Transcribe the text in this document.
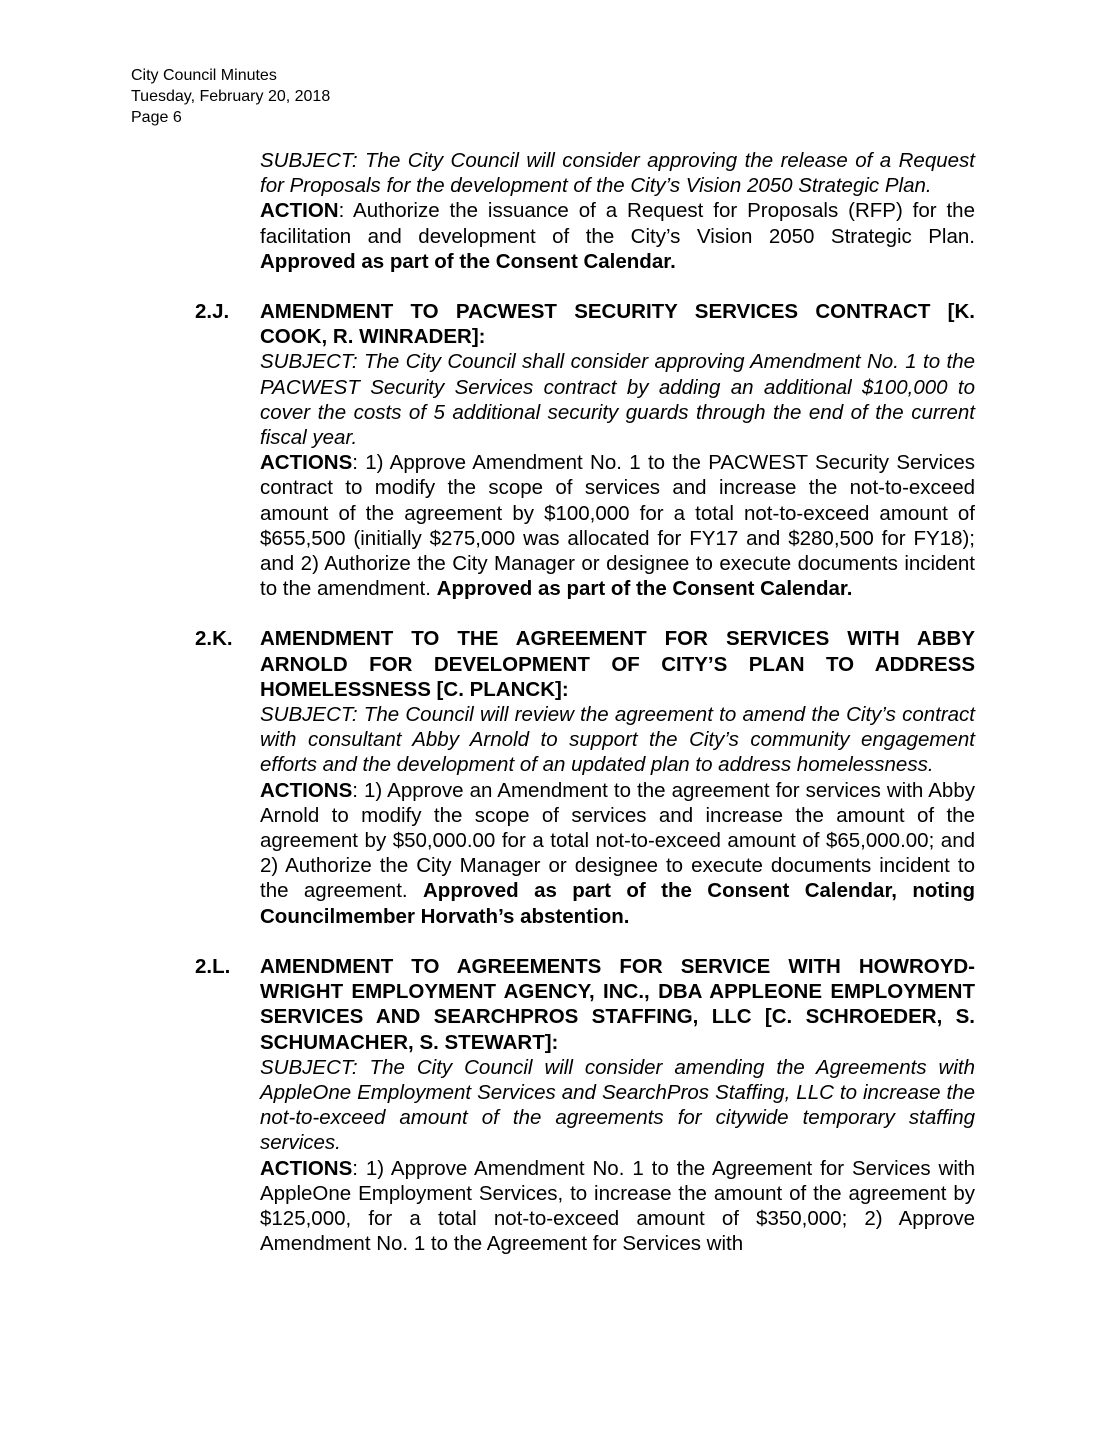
City Council Minutes
Tuesday, February 20, 2018
Page 6

SUBJECT: The City Council will consider approving the release of a Request for Proposals for the development of the City’s Vision 2050 Strategic Plan.

ACTION: Authorize the issuance of a Request for Proposals (RFP) for the facilitation and development of the City’s Vision 2050 Strategic Plan. Approved as part of the Consent Calendar.

2.J. AMENDMENT TO PACWEST SECURITY SERVICES CONTRACT [K. COOK, R. WINRADER]:

SUBJECT: The City Council shall consider approving Amendment No. 1 to the PACWEST Security Services contract by adding an additional $100,000 to cover the costs of 5 additional security guards through the end of the current fiscal year.

ACTIONS: 1) Approve Amendment No. 1 to the PACWEST Security Services contract to modify the scope of services and increase the not-to-exceed amount of the agreement by $100,000 for a total not-to-exceed amount of $655,500 (initially $275,000 was allocated for FY17 and $280,500 for FY18); and 2) Authorize the City Manager or designee to execute documents incident to the amendment. Approved as part of the Consent Calendar.

2.K. AMENDMENT TO THE AGREEMENT FOR SERVICES WITH ABBY ARNOLD FOR DEVELOPMENT OF CITY’S PLAN TO ADDRESS HOMELESSNESS [C. PLANCK]:

SUBJECT: The Council will review the agreement to amend the City’s contract with consultant Abby Arnold to support the City’s community engagement efforts and the development of an updated plan to address homelessness.

ACTIONS: 1) Approve an Amendment to the agreement for services with Abby Arnold to modify the scope of services and increase the amount of the agreement by $50,000.00 for a total not-to-exceed amount of $65,000.00; and 2) Authorize the City Manager or designee to execute documents incident to the agreement. Approved as part of the Consent Calendar, noting Councilmember Horvath’s abstention.

2.L. AMENDMENT TO AGREEMENTS FOR SERVICE WITH HOWROYD-WRIGHT EMPLOYMENT AGENCY, INC., DBA APPLEONE EMPLOYMENT SERVICES AND SEARCHPROS STAFFING, LLC [C. SCHROEDER, S. SCHUMACHER, S. STEWART]:

SUBJECT: The City Council will consider amending the Agreements with AppleOne Employment Services and SearchPros Staffing, LLC to increase the not-to-exceed amount of the agreements for citywide temporary staffing services.

ACTIONS: 1) Approve Amendment No. 1 to the Agreement for Services with AppleOne Employment Services, to increase the amount of the agreement by $125,000, for a total not-to-exceed amount of $350,000; 2) Approve Amendment No. 1 to the Agreement for Services with
